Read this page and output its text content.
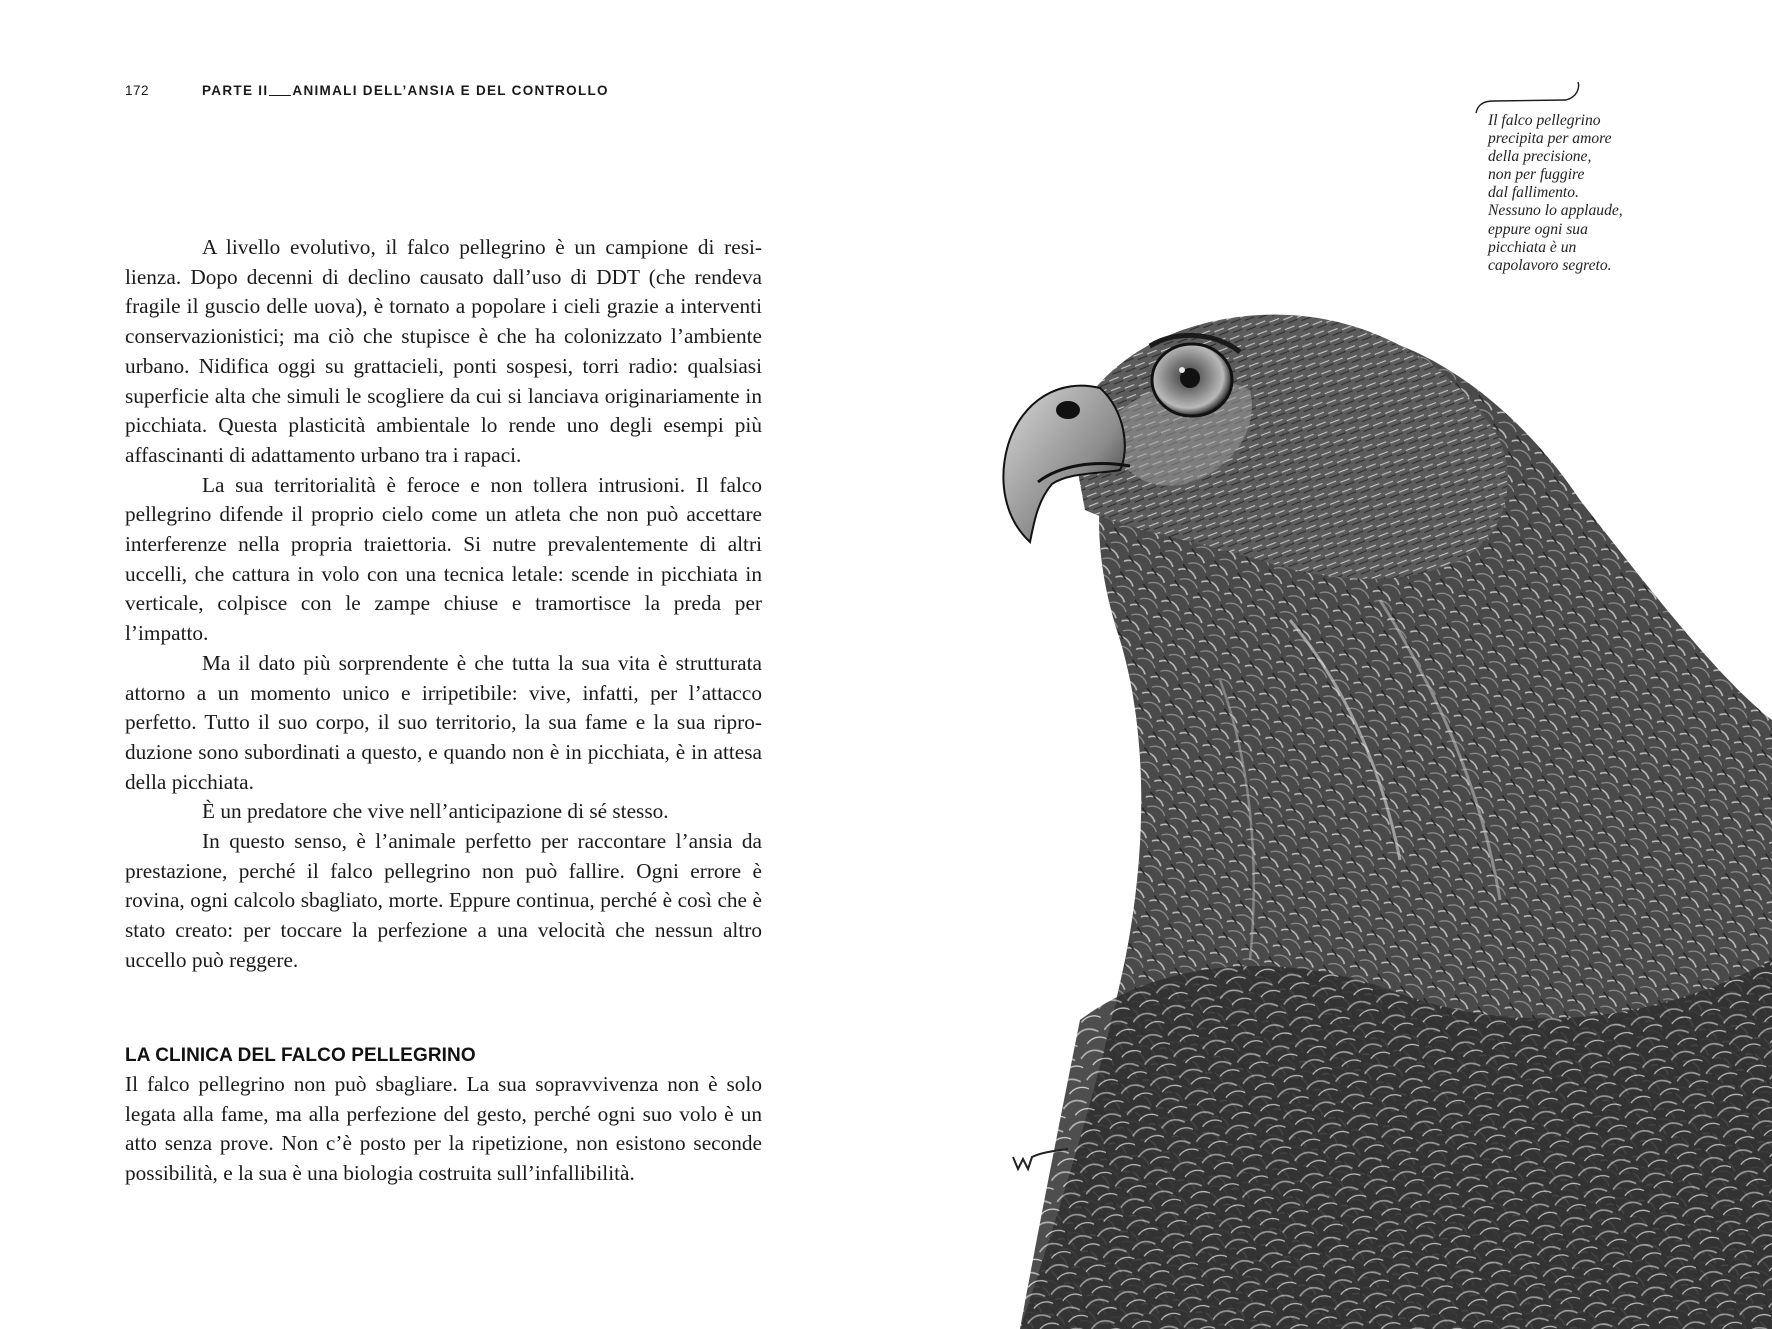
172	PARTE II ANIMALI DELL’ANSIA E DEL CONTROLLO

A livello evolutivo, il falco pellegrino è un campione di resilienza. Dopo decenni di declino causato dall’uso di DDT (che rendeva fragile il guscio delle uova), è tornato a popolare i cieli grazie a interventi conservazionistici; ma ciò che stupisce è che ha colonizzato l’ambiente urbano. Nidifica oggi su grattacieli, ponti sospesi, torri radio: qualsiasi superficie alta che simuli le scogliere da cui si lanciava originariamente in picchiata. Questa plasticità ambientale lo rende uno degli esempi più affascinanti di adattamento urbano tra i rapaci.

La sua territorialità è feroce e non tollera intrusioni. Il falco pellegrino difende il proprio cielo come un atleta che non può accettare interferenze nella propria traiettoria. Si nutre prevalentemente di altri uccelli, che cattura in volo con una tecnica letale: scende in picchiata in verticale, colpisce con le zampe chiuse e tramortisce la preda per l’impatto.

Ma il dato più sorprendente è che tutta la sua vita è strutturata attorno a un momento unico e irripetibile: vive, infatti, per l’attacco perfetto. Tutto il suo corpo, il suo territorio, la sua fame e la sua riproduzione sono subordinati a questo, e quando non è in picchiata, è in attesa della picchiata.

È un predatore che vive nell’anticipazione di sé stesso.

In questo senso, è l’animale perfetto per raccontare l’ansia da prestazione, perché il falco pellegrino non può fallire. Ogni errore è rovina, ogni calcolo sbagliato, morte. Eppure continua, perché è così che è stato creato: per toccare la perfezione a una velocità che nessun altro uccello può reggere.

LA CLINICA DEL FALCO PELLEGRINO

Il falco pellegrino non può sbagliare. La sua sopravvivenza non è solo legata alla fame, ma alla perfezione del gesto, perché ogni suo volo è un atto senza prove. Non c’è posto per la ripetizione, non esistono seconde possibilità, e la sua è una biologia costruita sull’infallibilità.

Il falco pellegrino
precipita per amore
della precisione,
non per fuggire
dal fallimento.
Nessuno lo applaude,
eppure ogni sua
picchiata è un
capolavoro segreto.
